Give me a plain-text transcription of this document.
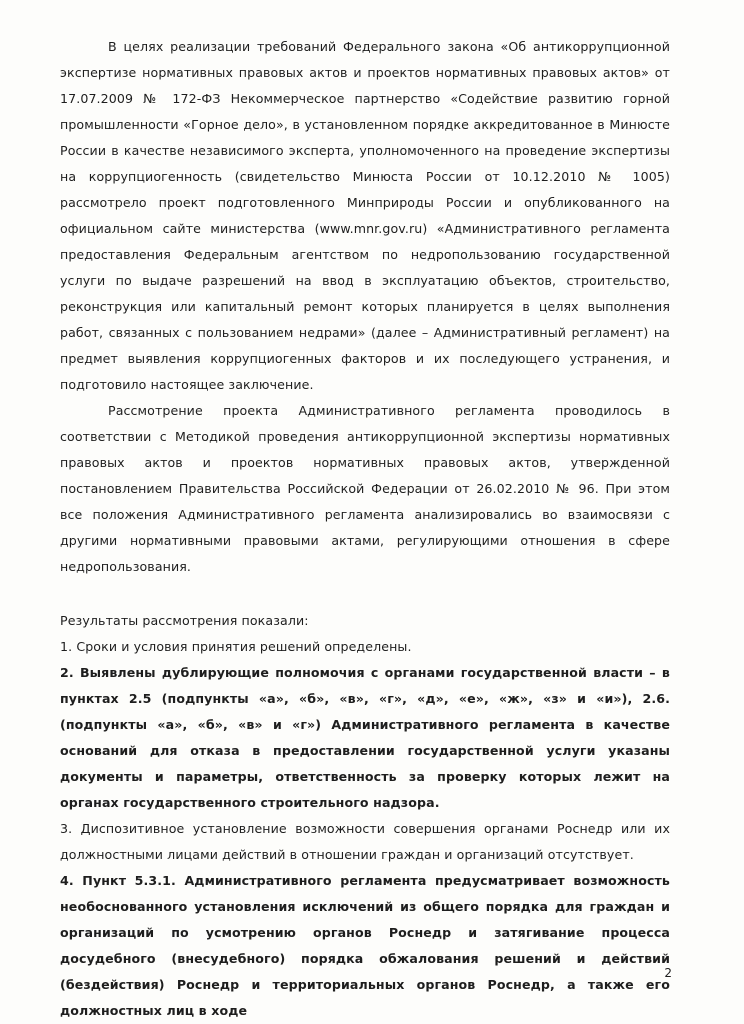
В целях реализации требований Федерального закона «Об антикоррупционной экспертизе нормативных правовых актов и проектов нормативных правовых актов» от 17.07.2009 № 172-ФЗ Некоммерческое партнерство «Содействие развитию горной промышленности «Горное дело», в установленном порядке аккредитованное в Минюсте России в качестве независимого эксперта, уполномоченного на проведение экспертизы на коррупциогенность (свидетельство Минюста России от 10.12.2010 № 1005) рассмотрело проект подготовленного Минприроды России и опубликованного на официальном сайте министерства (www.mnr.gov.ru) «Административного регламента предоставления Федеральным агентством по недропользованию государственной услуги по выдаче разрешений на ввод в эксплуатацию объектов, строительство, реконструкция или капитальный ремонт которых планируется в целях выполнения работ, связанных с пользованием недрами» (далее – Административный регламент) на предмет выявления коррупциогенных факторов и их последующего устранения, и подготовило настоящее заключение.

Рассмотрение проекта Административного регламента проводилось в соответствии с Методикой проведения антикоррупционной экспертизы нормативных правовых актов и проектов нормативных правовых актов, утвержденной постановлением Правительства Российской Федерации от 26.02.2010 № 96. При этом все положения Административного регламента анализировались во взаимосвязи с другими нормативными правовыми актами, регулирующими отношения в сфере недропользования.

Результаты рассмотрения показали:

1. Сроки и условия принятия решений определены.

2. Выявлены дублирующие полномочия с органами государственной власти – в пунктах 2.5 (подпункты «а», «б», «в», «г», «д», «е», «ж», «з» и «и»), 2.6. (подпункты «а», «б», «в» и «г») Административного регламента в качестве оснований для отказа в предоставлении государственной услуги указаны документы и параметры, ответственность за проверку которых лежит на органах государственного строительного надзора.

3. Диспозитивное установление возможности совершения органами Роснедр или их должностными лицами действий в отношении граждан и организаций отсутствует.

4. Пункт 5.3.1. Административного регламента предусматривает возможность необоснованного установления исключений из общего порядка для граждан и организаций по усмотрению органов Роснедр и затягивание процесса досудебного (внесудебного) порядка обжалования решений и действий (бездействия) Роснедр и территориальных органов Роснедр, а также его должностных лиц в ходе

2
